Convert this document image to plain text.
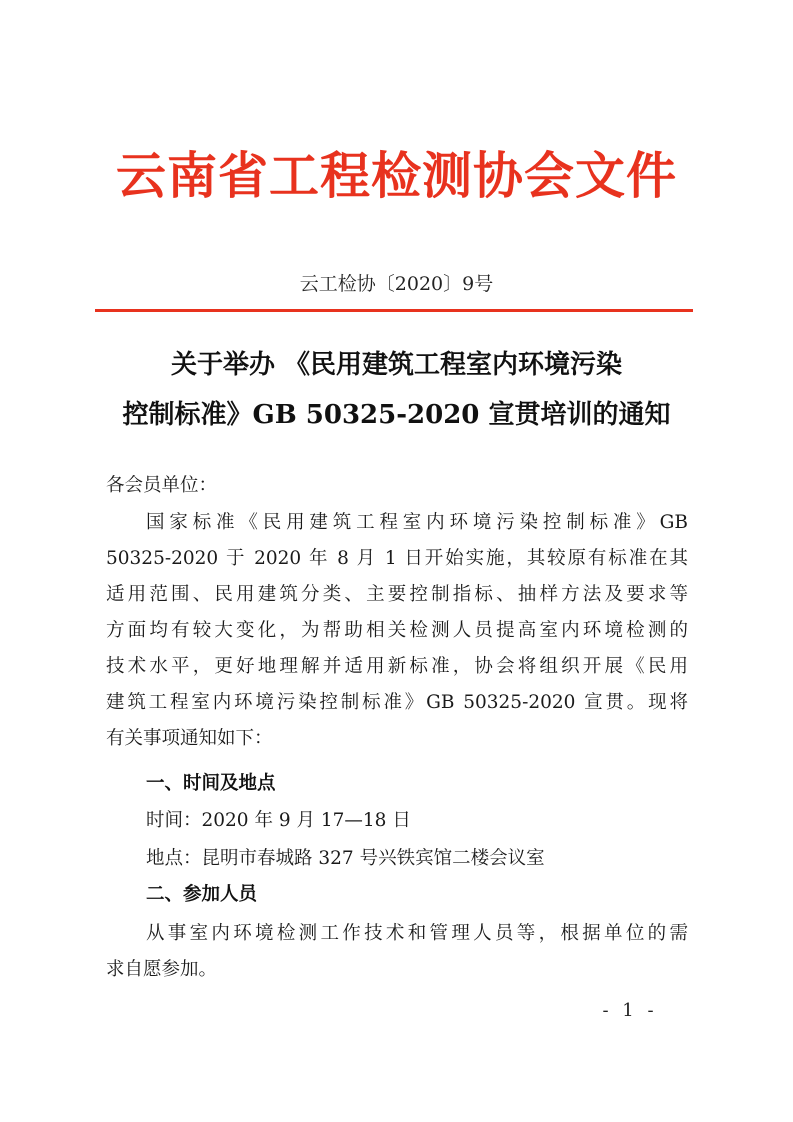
云南省工程检测协会文件
云工检协〔2020〕9号
关于举办 《民用建筑工程室内环境污染
控制标准》GB 50325-2020 宣贯培训的通知
各会员单位：
国家标准《民用建筑工程室内环境污染控制标准》GB
50325-2020 于 2020 年 8 月 1 日开始实施，其较原有标准在其
适用范围、民用建筑分类、主要控制指标、抽样方法及要求等
方面均有较大变化，为帮助相关检测人员提高室内环境检测的
技术水平，更好地理解并适用新标准，协会将组织开展《民用
建筑工程室内环境污染控制标准》GB 50325-2020 宣贯。现将
有关事项通知如下：
一、时间及地点
时间：2020 年 9 月 17—18 日
地点：昆明市春城路 327 号兴铁宾馆二楼会议室
二、参加人员
从事室内环境检测工作技术和管理人员等，根据单位的需
求自愿参加。
- 1 -
